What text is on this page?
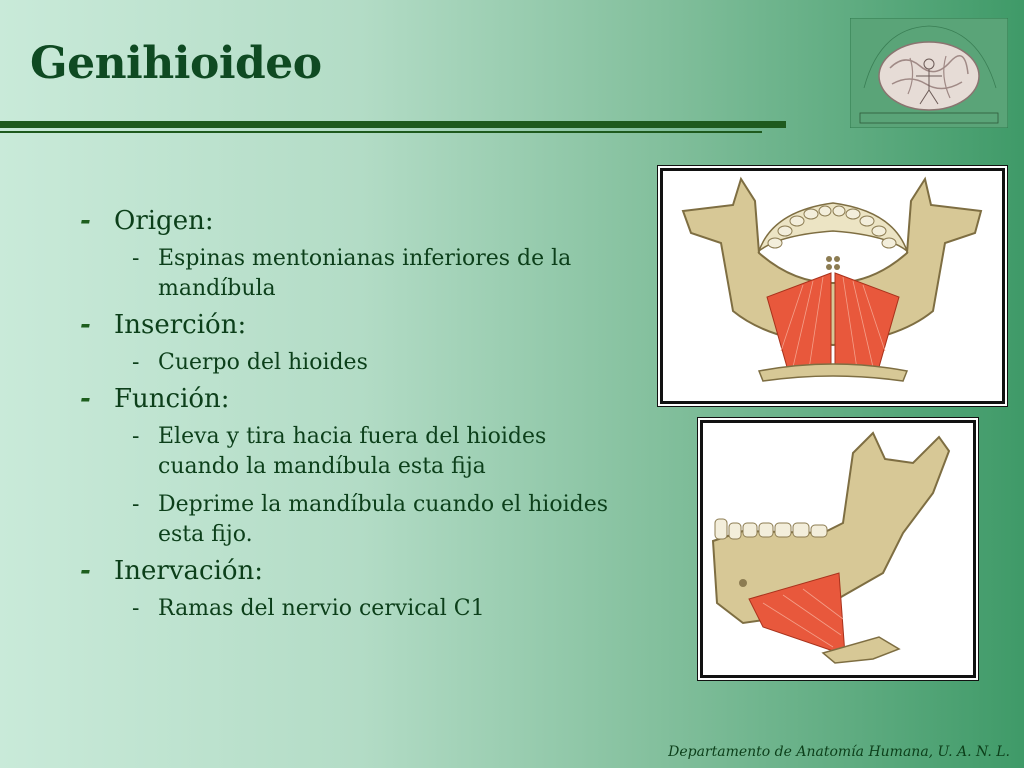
Genihioideo
- Origen:
- Espinas mentonianas inferiores de la mandíbula
- Inserción:
- Cuerpo del hioides
- Función:
- Eleva y tira hacia fuera del hioides cuando la mandíbula esta fija
- Deprime la mandíbula cuando el hioides esta fijo.
- Inervación:
- Ramas del nervio cervical C1
Departamento de Anatomía Humana, U. A. N. L.
